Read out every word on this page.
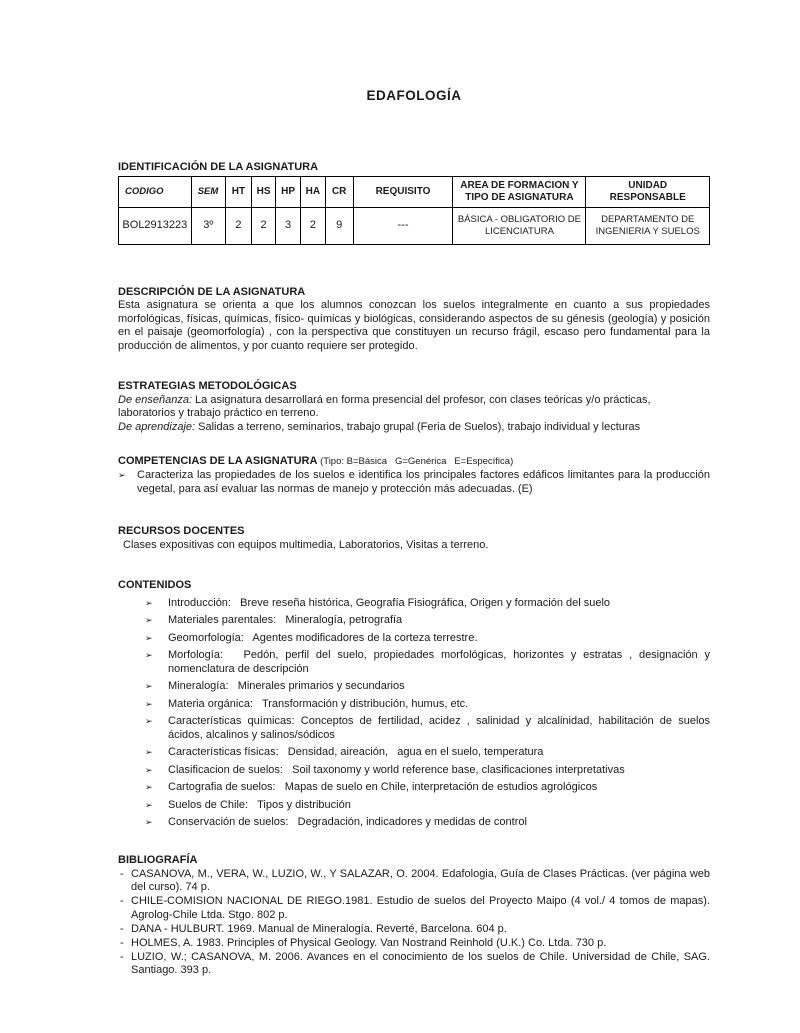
EDAFOLOGÍA
IDENTIFICACIÓN DE LA ASIGNATURA
CODIGO	SEM	HT	HS	HP	HA	CR	REQUISITO	AREA DE FORMACION Y TIPO DE ASIGNATURA	UNIDAD RESPONSABLE
BOL2913223	3º	2	2	3	2	9	---	BÁSICA - OBLIGATORIO DE LICENCIATURA	DEPARTAMENTO DE INGENIERIA Y SUELOS
DESCRIPCIÓN DE LA ASIGNATURA

Esta asignatura se orienta a que los alumnos conozcan los suelos integralmente en cuanto a sus propiedades morfológicas, físicas, químicas, físico- químicas y biológicas, considerando aspectos de su génesis (geología) y posición en el paisaje (geomorfología) , con la perspectiva que constituyen un recurso frágil, escaso pero fundamental para la producción de alimentos, y por cuanto requiere ser protegido.

ESTRATEGIAS METODOLÓGICAS

De enseñanza: La asignatura desarrollará en forma presencial del profesor, con clases teóricas y/o prácticas, laboratorios y trabajo práctico en terreno.

De aprendizaje: Salidas a terreno, seminarios, trabajo grupal (Feria de Suelos), trabajo individual y lecturas

COMPETENCIAS DE LA ASIGNATURA (Tipo: B=Básica   G=Genérica   E=Específica)
➢	Caracteriza las propiedades de los suelos e identifica los principales factores edáficos limitantes para la producción vegetal, para así evaluar las normas de manejo y protección más adecuadas. (E)
RECURSOS DOCENTES

Clases expositivas con equipos multimedia, Laboratorios, Visitas a terreno.

CONTENIDOS
➢	Introducción:   Breve reseña histórica, Geografía Fisiográfica, Origen y formación del suelo
➢	Materiales parentales:   Mineralogía, petrografía
➢	Geomorfología:   Agentes modificadores de la corteza terrestre.
➢	Morfología:   Pedón, perfil del suelo, propiedades morfológicas, horizontes y estratas , designación y nomenclatura de descripción
➢	Mineralogía:   Minerales primarios y secundarios
➢	Materia orgánica:   Transformación y distribución, humus, etc.
➢	Características químicas: Conceptos de fertilidad, acidez , salinidad y alcalinidad, habilitación de suelos ácidos, alcalinos y salinos/sódicos
➢	Características físicas:   Densidad, aireación,   agua en el suelo, temperatura
➢	Clasificacion de suelos:   Soil taxonomy y world reference base, clasificaciones interpretativas
➢	Cartografia de suelos:   Mapas de suelo en Chile, interpretación de estudios agrológicos
➢	Suelos de Chile:   Tipos y distribución
➢	Conservación de suelos:   Degradación, indicadores y medidas de control
BIBLIOGRAFÍA
- CASANOVA, M., VERA, W., LUZIO, W., Y SALAZAR, O. 2004. Edafologia, Guía de Clases Prácticas. (ver página web del curso). 74 p.
- CHILE-COMISION NACIONAL DE RIEGO.1981. Estudio de suelos del Proyecto Maipo (4 vol./ 4 tomos de mapas). Agrolog-Chile Ltda. Stgo. 802 p.
- DANA - HULBURT. 1969. Manual de Mineralogía. Reverté, Barcelona. 604 p.
- HOLMES, A. 1983. Principles of Physical Geology. Van Nostrand Reinhold (U.K.) Co. Ltda. 730 p.
- LUZIO, W.; CASANOVA, M. 2006. Avances en el conocimiento de los suelos de Chile. Universidad de Chile, SAG. Santiago. 393 p.
